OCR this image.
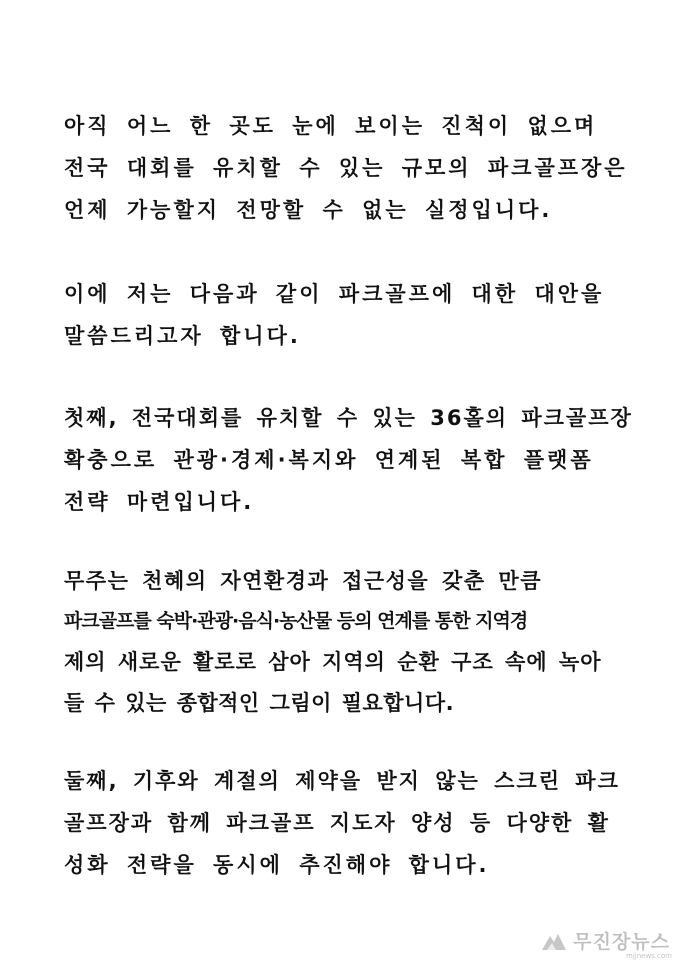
아직 어느 한 곳도 눈에 보이는 진척이 없으며
전국 대회를 유치할 수 있는 규모의 파크골프장은
언제 가능할지 전망할 수 없는 실정입니다.
이에 저는 다음과 같이 파크골프에 대한 대안을
말씀드리고자 합니다.
첫째, 전국대회를 유치할 수 있는 36홀의 파크골프장
확충으로 관광·경제·복지와 연계된 복합 플랫폼
전략 마련입니다.
무주는 천혜의 자연환경과 접근성을 갖춘 만큼
파크골프를 숙박·관광·음식·농산물 등의 연계를 통한 지역경
제의 새로운 활로로 삼아 지역의 순환 구조 속에 녹아
들 수 있는 종합적인 그림이 필요합니다.
둘째, 기후와 계절의 제약을 받지 않는 스크린 파크
골프장과 함께 파크골프 지도자 양성 등 다양한 활
성화 전략을 동시에 추진해야 합니다.
무진장뉴스
mjjnews.com
